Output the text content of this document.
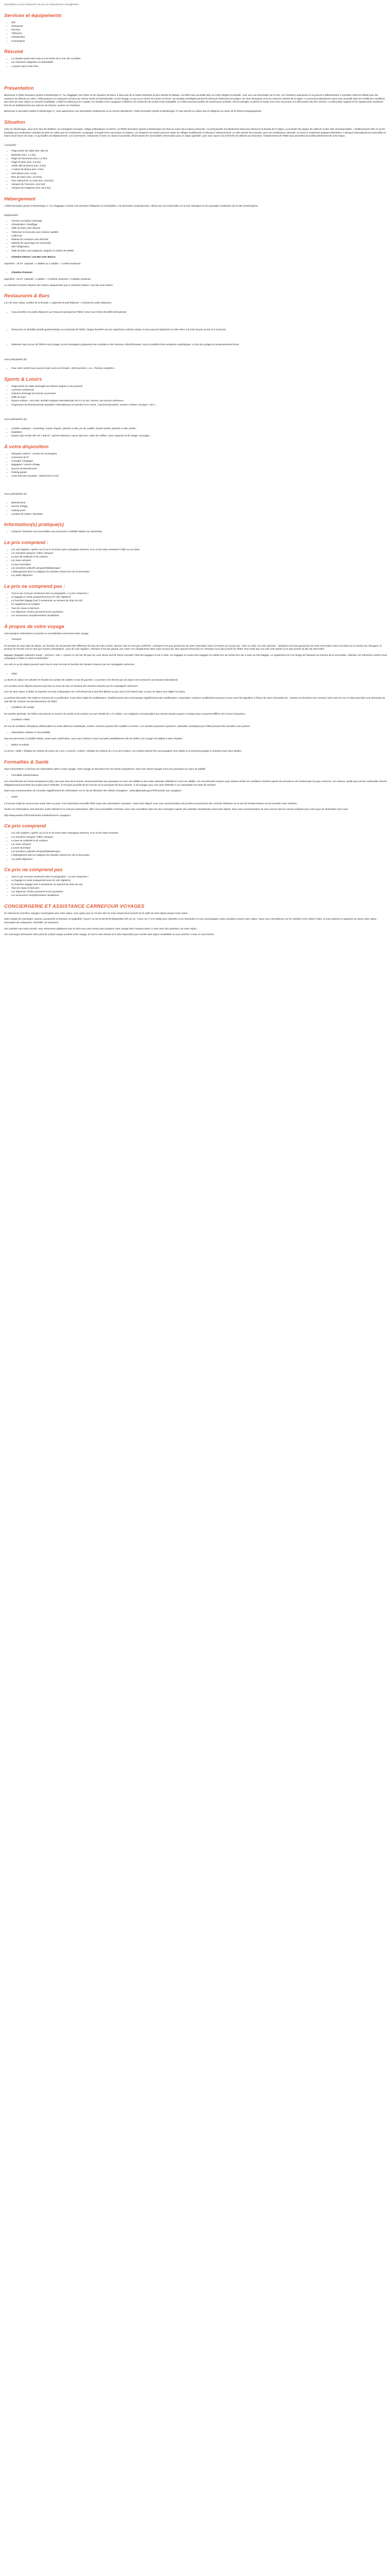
Description Ce prix comprend / Ce prix ne comprend pas Consignment
Services et équipements
• Wifi
• Restaurant
• Piscines
• Télévision
• Climatisation
• Conciergerie
Résumé
• La situation pieds dans l'eau sur les bords de la mer des Caraïbes
• Les chambres élégantes et confortables
• L'espace Spa et bien-être
Présentation

Bienvenue à l'hôtel Sunsation Quinta el Montenegro 4* 'Au Cloggages' Des hôtel sur les hauteurs de Boca, à deux pas de la station balnéaire la plus animée du Balaou, cet hôtel vous accueille dans un cadre élégant et paisible. Avec une vue imprenable sur la mer, ses chambres spacieuses et sa piscine à débordement, il constitue l'adresse idéale pour des vacances de détente au soleil. L'hôtel propose un restaurant servant une cuisine locale et internationale, un bar lounge, un spa et un centre de remise en forme. Sa situation privilégiée permet de découvrir facilement les plages, les sites historiques et la vie nocturne animée de la région. Le personnel attentionné saura vous accueillir dans les meilleures conditions pour faire de votre séjour un moment inoubliable. L'hôtel est idéal pour les couples, les familles et les voyageurs d'affaires à la recherche de confort et de tranquillité. Les hôtes pourront profiter de nombreuses activités, dont la plongée, la pêche en haute mer et les excursions à la découverte des îles voisines. La décoration soignée et les équipements modernes font de cet établissement une adresse de charme, ouverte sur l'extérieur.

Bienvenue à Sunsation Quinta el Montenegro 4*, vous apprécierez une atmosphère chaleureuse et un service attentionné. L'hôtel Sunsation Quinta el Montenegro 4* vous permet un séjour tout en élégance au coeur de la Riviera nicaraguayenne.

Situation

Cola sur Montenegro, yeux mers lieu des Balloins, au montagnes escarpés, village authentiques et rivières, où l'hôtel Sunsation Quinta el Montenegro est situé au coeur de la nature préservée. Ce petit paradis est idéalement situé pour découvrir la beauté de la région, à proximité des plages de sable fin et des sites incontournables. L'établissement offre un accès privilégié aux nombreuses activités de plein air, telles que les randonnées, la plongée, le kayak et les excursions en bateau. Les amateurs de culture pourront visiter les villages traditionnels et découvrir l'artisanat local. La ville animée de Granada, avec son architecture coloniale, se trouve à seulement quelques kilomètres. L'aéroport international est accessible en moins d'une heure de route, ce qui facilite vos déplacements. Les commerces, restaurants et bars se situent à proximité, offrant toutes les commodités nécessaires pour un séjour agréable. Que vous soyez à la recherche de détente ou d'aventure, l'emplacement de l'hôtel vous permettra de profiter pleinement de votre séjour.

À proximité :

• Plage privée de sable (env. 650 m)
• Balnéaire (env. 1,1 km)
• Plage de Ramonaco (env. 2,2 km)
• Plage de Breo (env. 2,8 km)
• Vieille ville de Buena (env. 3 km)
• L'Aubois de Buena (env. 5 km)
• Golf Skiston (env. 6 km)
• Bien de Victor (env. 12,5 km)
• Parc national de La ruela (env. 10,8 km)
• Aéroport de Tivat (env. 26,6 km)
• Aéroport de Podgorica (env. 65,9 km)
Hébergement

L'hôtel Sunsation Quinta el Montenegro 4* 'Au Cloggages' compte 136 chambres élégantes et confortables, à la décoration contemporaine, offrant une vue imprenable sur la mer Adriatique ou les paysages verdoyants de la côte monténégrine.

Équipements :

• Terrasse ou balcon aménagé
• Climatisation / chauffage
• Salle de bains avec douche
• Télévision à écran plat avec chaînes satellite
• Coffre-fort
• Plateau de courtoisie avec thé/café
• Matériel de repassage (sur demande)
• Mini-réfrigérateur
• Salle de bains avec baignoire, peignoir et articles de toilette
• Chambre Deluxe / vue Mer avec Balcon

Superficie : 25 m². Capacité : 2 adultes ou 2 adultes + 1 enfant maximum

• Chambre Premium

Superficie : 30 m². Capacité : 2 adultes + 2 enfants maximum / 3 adultes maximum

La Chambre Premium dispose des mêmes équipements que la Chambre Deluxe / vue Mer avec balcon.

Restaurants & Bars

Lors de votre séjour, profitez de la formule « Logement et petit-déjeuner » incluant les petits-déjeuners.

• Vous prendrez vos petits-déjeuners au restaurant principal de l'hôtel, servis sous forme de buffet international.
• Découvrez un véritable paradis gastronomique au restaurant de l'hôtel, chaque bouchée est une expérience culinaire unique et vous pourrez également ou bien diner à la carte du jour au bar et à la piscine.
• Détendez-vous au bar de l'hôtel et de la plage, où les mixologues prépareront des cocktails et des boissons rafraîchissantes, tout en profitant d'une ambiance sophistiquée. Le bar de la plage est temporairement fermé.

Avec participation (€) :

• Pour votre confort nous pourrez avoir accès au formule « Demi-pension » ou « Pension complète ».
Sports & Loisirs
• Plage privée de sable aménagée de chaises longues et de parasols
• 2 piscines extérieures
• Solarium aménagé de transats et parasols
• Salle de sport
• Espace enfants : mini-club, activités ludiques internationales de 4 à 12 ans, piscine, aire de jeux extérieure...
• Programme de divertissements quotidiens internationaux en journée et en soirée : concerts/spectacles, années à thème, musique « live »...

Avec participation (€) :

• Activités nautiques : snorkeling / canoë / kayak / planche à voile, jet-ski, paddle / bouée tractée, planche à voile, pêche...
• Équitation
• Espace Spa et bien-être de 1 500 m² : piscine intérieure, sauna, bain turc, salon de coiffure, soins corporels et du visage, massages...
À votre disposition
• Réception 24h/24 – service de conciergerie
• Connexion Wi-Fi
• Consigne à bagages
• Bagagerie / service d'étage
• Service de blanchisserie
• Parking gratuit
• Carte bancaire acceptée : Mastercard et Visa

Avec participation (€) :

• Blanchisserie
• Service d'étage
• Parking privé
• Location de voiture, bicyclette
Information(s) pratique(s)
• Certaines chambres sont accessibles aux personnes à mobilité réduite (sur demande).
Le prix comprend :
• Les vols réguliers, opérés sur la ou le vol d'une autre compagnie aérienne, et le vol de retour éventuel à l'aller ou au retour
• Les transferts aéroport / hôtel / aéroport
• La taxe de solidarité et de carbone
• Les taxes aéroport
• La taxe touristique
• Les transferts collectifs aéroport/hôtel/aéroport
• L'hébergement dans la catégorie de chambre choisie lors de la réservation
• Les petits-déjeuners
Le prix ne comprend pas :
• Tout ce qui n'est pas mentionné dans le paragraphe « Le prix comprend »
• Le bagage en soute (uniquement pour les vols réguliers)
• La franchise bagage (voir à mentionner au moment du choix du vol)
• Le supplément au comptoir
• Tous les repas et boissons
• Les dépenses d'ordre personnel et les pourboires
• Les assurances complémentaires facultatives
À propos de votre voyage

Voici quelques informations à prendre en considération concernant votre voyage

• Transport

En fonction de votre date de départ, vos horaires de vol peuvent être différents de ceux de votre arrivée, dont les vols ne sont pas confirmés. L'aéroport n'est pas garanti lors de votre réservation mais il est basé sur le pays (ex : Nice ou Orly). Les vols spéciaux - l'aéroport n'est pas garanti lors de votre réservation mais il est basé sur le numéro de l'aérogare, la pension de l'escale sauf en tant que d'autres destinations ; pour les vols réguliers, l'aéroport n'est pas garanti, par contre, les changements dans votre vol pour les sites opérant (réservés) sur l'aéroport ou le plus proche de l'hôtel. Pour toute tous nos vols sont opérés ou le plus proche du lieu de votre hôtel.

Bagages (bagages cabine/en soute) – précisez « bas », comme ce soit l'un de quel vol, vous devez tout de même consulter l'état des bagages et sac à main. Les bagages en soute et/ou bagages en cabine lors de l'achat d'un sac à main ou d'un bagage. Le supplément est à la charge de l'aéroport au moment de la réservation. Attention, les franchises varient d'une compagnie à l'autre et selon la destination.

Les vols se ou de départ peuvent avoir lieu en cours de nuit en fonction des horaires imposés par les compagnies aériennes.

• Hôtel

La durée du séjour est calculée en fonction du nombre de nuitées et non de journées. Le premier et le dernier jour du séjour sont consacrés au transport international.

Les arrivées ou les départs peuvent avoir lieu au cours de nuit, en fonction des horaires imposés par les compagnies aériennes.

Lors de votre séjour à l'hôtel, la chambre est mise à disposition vers 15h (check-in) et doit être libérée au plus tard à 11h (check-out). La taxe de séjour sera réglée sur place.

Le présent descriptif a été établi au moment de sa publication. Il peut faire l'objet de modifications, l'établissement nous communique régulièrement des modifications. Cependant, certaines modifications peuvent ne pas avoir été signalées à l'heure de votre réservation (ex : travaux ou fermeture d'un service). Dans tous les cas, le client peut faire une demande par mail afin de s'assurer du fonctionnement de l'hôtel.

• Conditions de voyage

De manière générale, les hôtels sont classés en termes de confort et de services sur une échelle de 1 à 5 étoiles. Les catégories correspondent aux normes locales propres à chaque pays et peuvent différer des normes françaises.

• Conditions météo

En cas de conditions climatiques défavorables ou d'une affluence inhabituelle, certains services peuvent être modifiés ou fermés. Les activités proposées (sportives, culturelles, artistiques) par l'hôtel peuvent être annulées sans préavis.

• Informations relatives à l'accessibilité

Pour les personnes à mobilité réduite, avant toute confirmation, nous vous invitons à nous consulter préalablement afin de vérifier si le voyage est adapté à votre situation.

• Bébés et enfants

Le terme « bébé » désigne les enfants de moins de 2 ans. Le terme « enfant » désigne les enfants de 2 à 11 ans révolus. Les enfants doivent être accompagnés d'un adulte et ne peuvent partager la chambre avec deux adultes.

Formalités & Santé

Nous transmettons ci-dessous les informations utiles à votre voyage. Votre voyage se déroulera hors de l'Union européenne, ainsi vous devez voyager muni d'un passeport en cours de validité.

• Formalités administratives

Les ressortissants de l'Union Européenne (UE), ainsi que ceux de la Suisse, doivent présenter leur passeport en cours de validité ou leur carte nationale d'identité en cours de validité. Les ressortissants d'autres pays doivent vérifier les conditions d'entrée auprès du consulat ou de l'ambassade du pays concerné. Les mineurs, quelle que soit leur nationalité, doivent obligatoirement posséder leur propre pièce d'identité. Il n'est plus possible de les inscrire sur le passeport de leurs parents, ni de voyager sous une carte d'identité ni sur autorisation de sortie de territoire.

Nous vous recommandons de consulter régulièrement les informations sur le site du Ministère des Affaires étrangères : www.diplomatie.gouv.fr/fr/conseils-aux-voyageurs.

• Santé

Il n'est pas exigé de vaccins pour entrer dans ce pays. Il est néanmoins conseillé d'être à jour des vaccinations courantes. Avant votre départ, nous vous recommandons de prendre connaissance des conseils médicaux sur le site de l'Institut Pasteur ou de consulter votre médecin.

Toutes ces informations sont données à titre indicatif et ne sont pas exhaustives. Elles sont susceptibles d'évoluer, nous vous conseillons donc de vous renseigner auprès des autorités compétentes avant votre départ. Nous vous recommandons de vous assurer que les vaccins indiqués pour votre pays de destination sont à jour.

http://www.pasteur.fr/fr/sante/centre-medical/vaccins-voyageurs

Ce prix comprend
• Les vols réguliers, opérés sur la ou le vol d'une autre compagnie aérienne, et le vol de retour éventuel
• Les transferts aéroport / hôtel / aéroport
• La taxe de solidarité et de carbone
• Les taxes aéroport
• La taxe touristique
• Les transferts collectifs aéroport/hôtel/aéroport
• L'hébergement dans la catégorie de chambre choisie lors de la réservation
• Les petits-déjeuners
Ce prix ne comprend pas
• Tout ce qui n'est pas mentionné dans le paragraphe « Le prix comprend »
• Le bagage en soute (uniquement pour les vols réguliers)
• La franchise bagage (voir à mentionner au moment du choix du vol)
• Tous les repas et boissons
• Les dépenses d'ordre personnel et les pourboires
• Les assurances complémentaires facultatives
CONCIERGERIE ET ASSISTANCE CARREFOUR VOYAGES

En choisissant Carrefour Voyages Conciergerie pour votre séjour, vous optez pour un service clés en main comprenant conseils de la veille de votre départ jusqu'à votre retour.

Notre équipe de concierges, experts, passionnés et humains est joignable 7 jours/7 au 03 20 98 09 09 (disponible 24h sur 24, 7 jours sur 7 à ce stade) pour répondre à vos demandes et vous accompagner avant, pendant et après votre séjour. Nous vous conseillerons sur les activités et les visites à faire, et vous aiderons à organiser au mieux votre séjour : réservation de restaurants, d'activités, de transports.

Vos souhaits sont notre priorité, vous retrouverez également tout ce dont vous avez besoin pour préparer votre voyage dans l'espace client, si vous avez des questions sur votre séjour.

Vos concierges demeurent votre point de contact unique pendant votre voyage, ils sont à votre écoute et à votre disposition pour rendre votre séjour inoubliable ou vous assister si vous en avez besoin.
